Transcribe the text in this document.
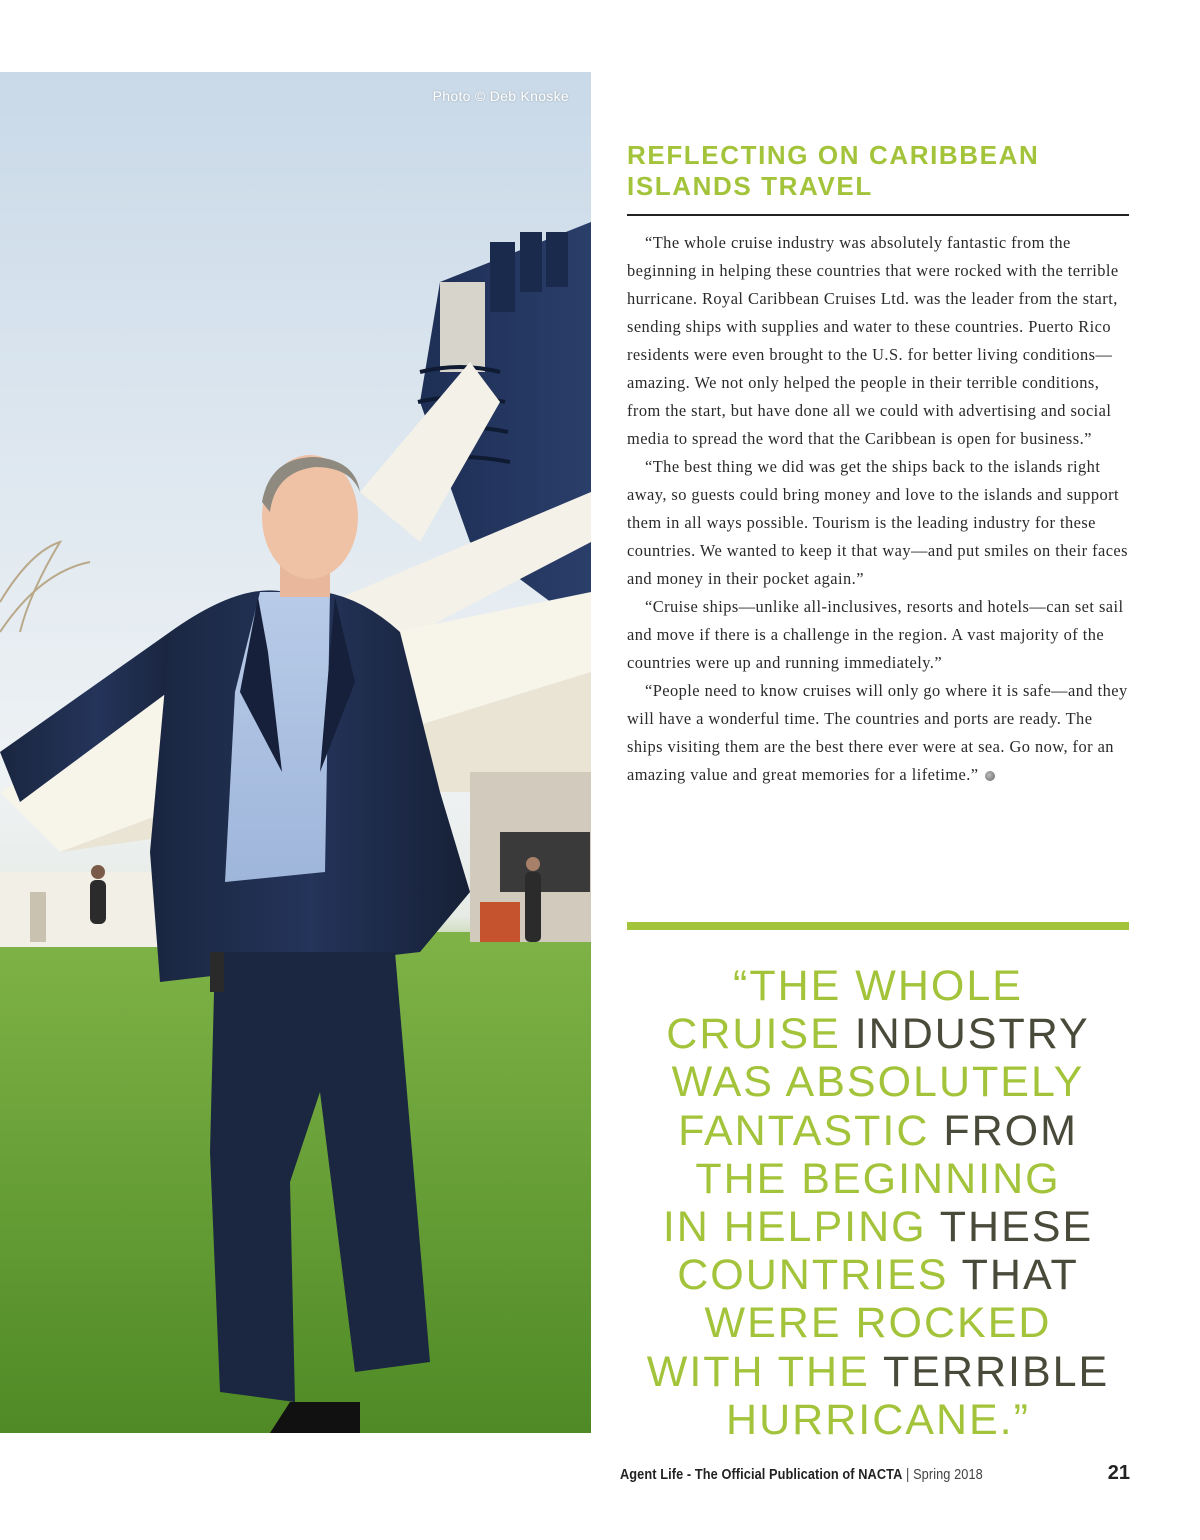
Photo © Deb Knoske
REFLECTING ON CARIBBEAN
ISLANDS TRAVEL

“The whole cruise industry was absolutely fantastic from the beginning in helping these countries that were rocked with the terrible hurricane. Royal Caribbean Cruises Ltd. was the leader from the start, sending ships with supplies and water to these countries. Puerto Rico residents were even brought to the U.S. for better living conditions—amazing. We not only helped the people in their terrible conditions, from the start, but have done all we could with advertising and social media to spread the word that the Caribbean is open for business.”

“The best thing we did was get the ships back to the islands right away, so guests could bring money and love to the islands and support them in all ways possible. Tourism is the leading industry for these countries. We wanted to keep it that way—and put smiles on their faces and money in their pocket again.”

“Cruise ships—unlike all-inclusives, resorts and hotels—can set sail and move if there is a challenge in the region. A vast majority of the countries were up and running immediately.”

“People need to know cruises will only go where it is safe—and they will have a wonderful time. The countries and ports are ready. The ships visiting them are the best there ever were at sea. Go now, for an amazing value and great memories for a lifetime.”

“THE WHOLE
CRUISE INDUSTRY
WAS ABSOLUTELY
FANTASTIC FROM
THE BEGINNING
IN HELPING THESE
COUNTRIES THAT
WERE ROCKED
WITH THE TERRIBLE
HURRICANE.”
Agent Life - The Official Publication of NACTA | Spring 2018	21
